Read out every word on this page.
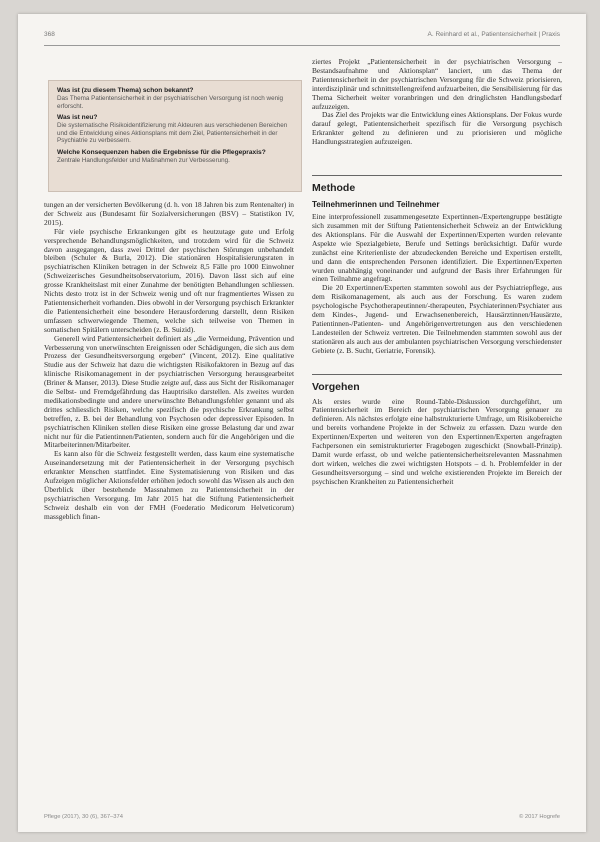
368	A. Reinhard et al., Patientensicherheit | Praxis
Was ist (zu diesem Thema) schon bekannt?
Das Thema Patientensicherheit in der psychiatrischen Versorgung ist noch wenig erforscht.
Was ist neu?
Die systematische Risikoidentifizierung mit Akteuren aus verschiedenen Bereichen und die Entwicklung eines Aktionsplans mit dem Ziel, Patientensicherheit in der Psychiatrie zu verbessern.
Welche Konsequenzen haben die Ergebnisse für die Pflegepraxis?
Zentrale Handlungsfelder und Maßnahmen zur Verbesserung.

tungen an der versicherten Bevölkerung (d. h. von 18 Jahren bis zum Rentenalter) in der Schweiz aus (Bundesamt für Sozialversicherungen (BSV) – Statistikon IV, 2015).

Für viele psychische Erkrankungen gibt es heutzutage gute und Erfolg versprechende Behandlungsmöglichkeiten, und trotzdem wird für die Schweiz davon ausgegangen, dass zwei Drittel der psychischen Störungen unbehandelt bleiben (Schuler & Burla, 2012). Die stationären Hospitalisierungsraten in psychiatrischen Kliniken betragen in der Schweiz 8,5 Fälle pro 1000 Einwohner (Schweizerisches Gesundheitsobservatorium, 2016). Davon lässt sich auf eine grosse Krankheitslast mit einer Zunahme der benötigten Behandlungen schliessen. Nichts desto trotz ist in der Schweiz wenig und oft nur fragmentiertes Wissen zu Patientensicherheit vorhanden. Dies obwohl in der Versorgung psychisch Erkrankter die Patientensicherheit eine besondere Herausforderung darstellt, denn Risiken umfassen schwerwiegende Themen, welche sich teilweise von Themen in somatischen Spitälern unterscheiden (z. B. Suizid).

Generell wird Patientensicherheit definiert als „die Vermeidung, Prävention und Verbesserung von unerwünschten Ereignissen oder Schädigungen, die sich aus dem Prozess der Gesundheitsversorgung ergeben“ (Vincent, 2012). Eine qualitative Studie aus der Schweiz hat dazu die wichtigsten Risikofaktoren in Bezug auf das klinische Risikomanagement in der psychiatrischen Versorgung herausgearbeitet (Briner & Manser, 2013). Diese Studie zeigte auf, dass aus Sicht der Risikomanager die Selbst- und Fremdgefährdung das Hauptrisiko darstellen. Als zweites wurden medikationsbedingte und andere unerwünschte Behandlungsfehler genannt und als drittes schliesslich Risiken, welche spezifisch die psychische Erkrankung selbst betreffen, z. B. bei der Behandlung von Psychosen oder depressiver Episoden. In psychiatrischen Kliniken stellen diese Risiken eine grosse Belastung dar und zwar nicht nur für die Patientinnen/Patienten, sondern auch für die Angehörigen und die Mitarbeiterinnen/Mitarbeiter.

Es kann also für die Schweiz festgestellt werden, dass kaum eine systematische Auseinandersetzung mit der Patientensicherheit in der Versorgung psychisch erkrankter Menschen stattfindet. Eine Systematisierung von Risiken und das Aufzeigen möglicher Aktionsfelder erhöhen jedoch sowohl das Wissen als auch den Überblick über bestehende Massnahmen zu Patientensicherheit in der psychiatrischen Versorgung. Im Jahr 2015 hat die Stiftung Patientensicherheit Schweiz deshalb ein von der FMH (Foederatio Medicorum Helveticorum) massgeblich finan-

ziertes Projekt „Patientensicherheit in der psychiatrischen Versorgung – Bestandsaufnahme und Aktionsplan“ lanciert, um das Thema der Patientensicherheit in der psychiatrischen Versorgung für die Schweiz priorisieren, interdisziplinär und schnittstellengreifend aufzuarbeiten, die Sensibilisierung für das Thema Sicherheit weiter voranbringen und den dringlichsten Handlungsbedarf aufzuzeigen.

Das Ziel des Projekts war die Entwicklung eines Aktionsplans. Der Fokus wurde darauf gelegt, Patientensicherheit spezifisch für die Versorgung psychisch Erkrankter geltend zu definieren und zu priorisieren und mögliche Handlungsstrategien aufzuzeigen.

Methode
Teilnehmerinnen und Teilnehmer

Eine interprofessionell zusammengesetzte Expertinnen-/Expertengruppe bestätigte sich zusammen mit der Stiftung Patientensicherheit Schweiz an der Entwicklung des Aktionsplans. Für die Auswahl der Expertinnen/Experten wurden relevante Aspekte wie Spezialgebiete, Berufe und Settings berücksichtigt. Dafür wurde zunächst eine Kriterienliste der abzudeckenden Bereiche und Expertisen erstellt, und dann die entsprechenden Personen identifiziert. Die Expertinnen/Experten wurden unabhängig voneinander und aufgrund der Basis ihrer Erfahrungen für einen Teilnahme angefragt.

Die 20 Expertinnen/Experten stammten sowohl aus der Psychiatriepflege, aus dem Risikomanagement, als auch aus der Forschung. Es waren zudem psychologische Psychotherapeutinnen/-therapeuten, Psychiaterinnen/Psychiater aus dem Kindes-, Jugend- und Erwachsenenbereich, Hausärztinnen/Hausärzte, Patientinnen-/Patienten- und Angehörigenvertretungen aus den verschiedenen Landesteilen der Schweiz vertreten. Die Teilnehmenden stammten sowohl aus der stationären als auch aus der ambulanten psychiatrischen Versorgung verschiedenster Gebiete (z. B. Sucht, Geriatrie, Forensik).

Vorgehen

Als erstes wurde eine Round-Table-Diskussion durchgeführt, um Patientensicherheit im Bereich der psychiatrischen Versorgung genauer zu definieren. Als nächstes erfolgte eine halbstrukturierte Umfrage, um Risikobereiche und bereits vorhandene Projekte in der Schweiz zu erfassen. Dazu wurde den Expertinnen/Experten und weiteren von den Expertinnen/Experten angefragten Fachpersonen ein semistrukturierter Fragebogen zugeschickt (Snowball-Prinzip). Damit wurde erfasst, ob und welche patientensicherheitsrelevanten Massnahmen dort wirken, welches die zwei wichtigsten Hotspots – d. h. Problemfelder in der Gesundheitsversorgung – sind und welche existierenden Projekte im Bereich der psychischen Krankheiten zu Patientensicherheit

Pflege (2017), 30 (6), 367–374	© 2017 Hogrefe
